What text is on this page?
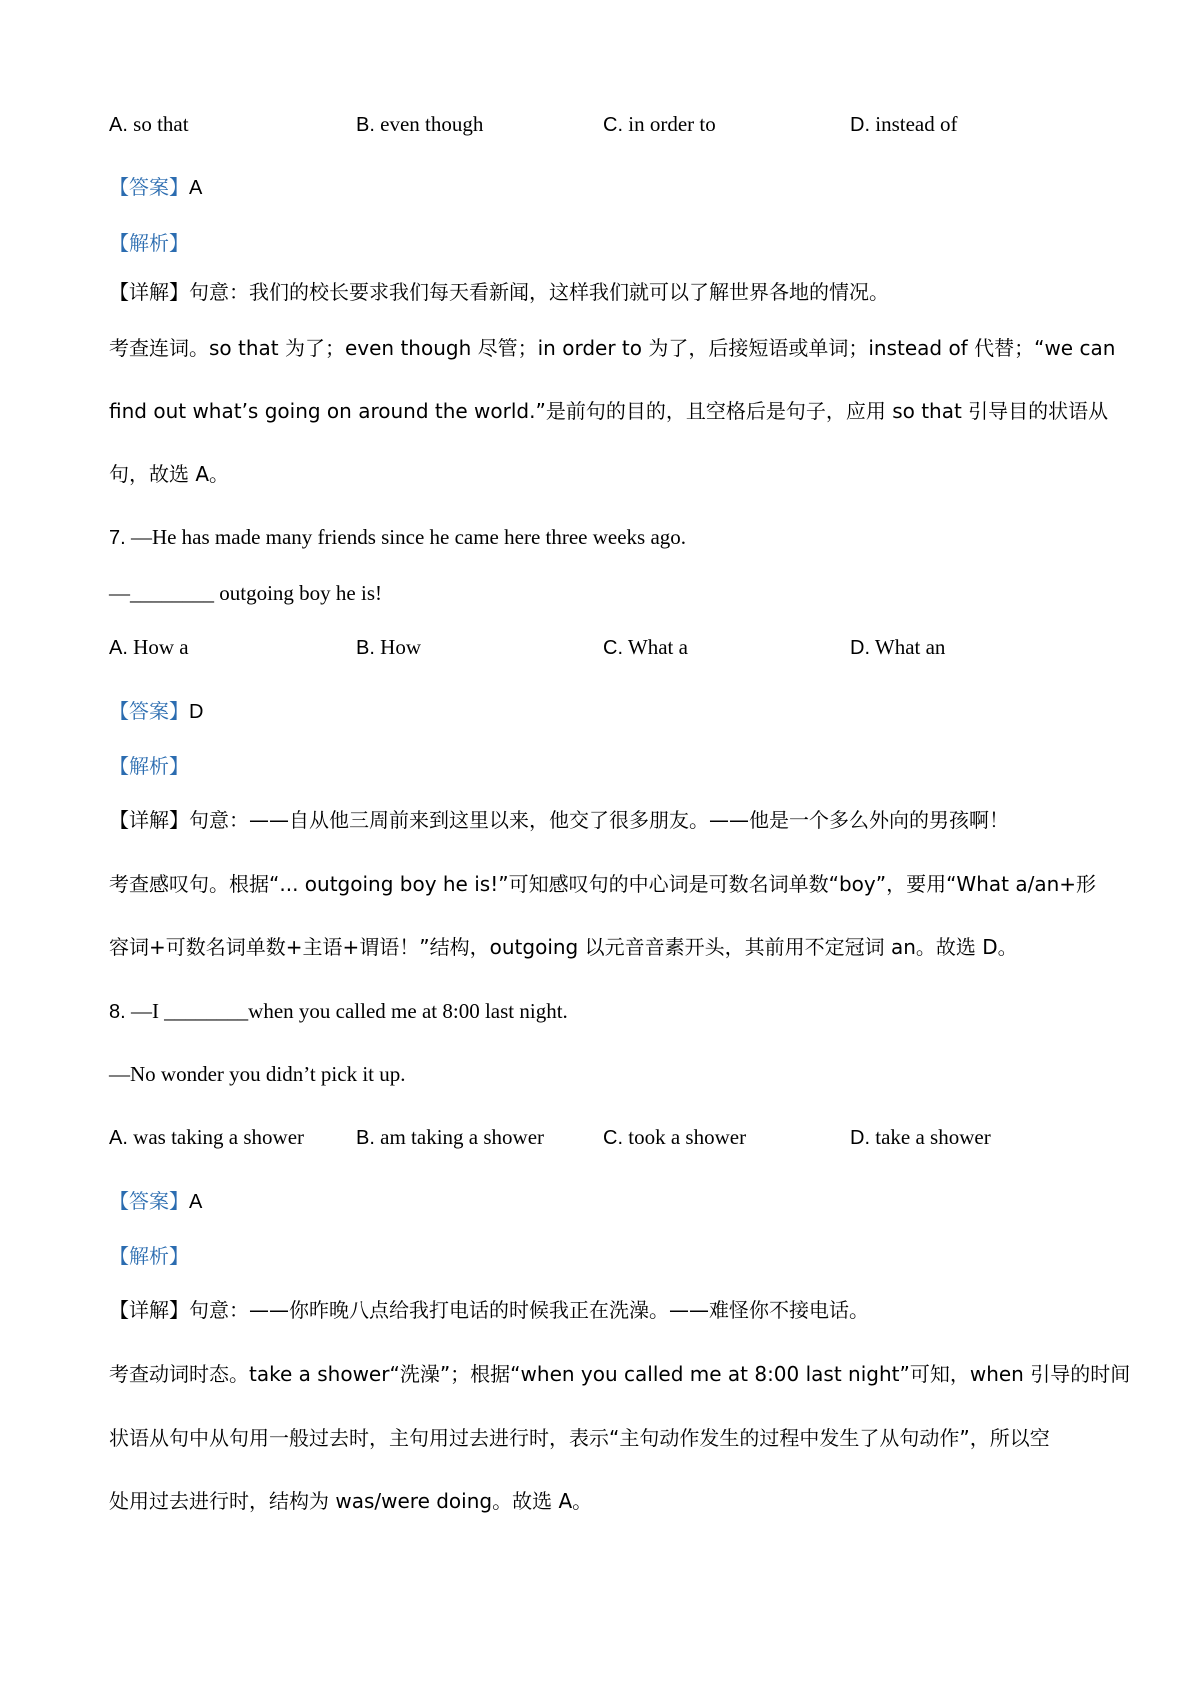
A. so that	B. even though	C. in order to	D. instead of
【答案】A
【解析】
【详解】句意：我们的校长要求我们每天看新闻，这样我们就可以了解世界各地的情况。
考查连词。so that 为了；even though 尽管；in order to 为了，后接短语或单词；instead of 代替；“we can
find out what’s going on around the world.”是前句的目的，且空格后是句子，应用 so that 引导目的状语从
句，故选 A。
7. —He has made many friends since he came here three weeks ago.
—________ outgoing boy he is!
A. How a	B. How	C. What a	D. What an
【答案】D
【解析】
【详解】句意：——自从他三周前来到这里以来，他交了很多朋友。——他是一个多么外向的男孩啊！
考查感叹句。根据“... outgoing boy he is!”可知感叹句的中心词是可数名词单数“boy”，要用“What a/an+形
容词+可数名词单数+主语+谓语！”结构，outgoing 以元音音素开头，其前用不定冠词 an。故选 D。
8. —I ________when you called me at 8:00 last night.
—No wonder you didn’t pick it up.
A. was taking a shower	B. am taking a shower	C. took a shower	D. take a shower
【答案】A
【解析】
【详解】句意：——你昨晚八点给我打电话的时候我正在洗澡。——难怪你不接电话。
考查动词时态。take a shower“洗澡”；根据“when you called me at 8:00 last night”可知，when 引导的时间
状语从句中从句用一般过去时，主句用过去进行时，表示“主句动作发生的过程中发生了从句动作”，所以空
处用过去进行时，结构为 was/were doing。故选 A。
